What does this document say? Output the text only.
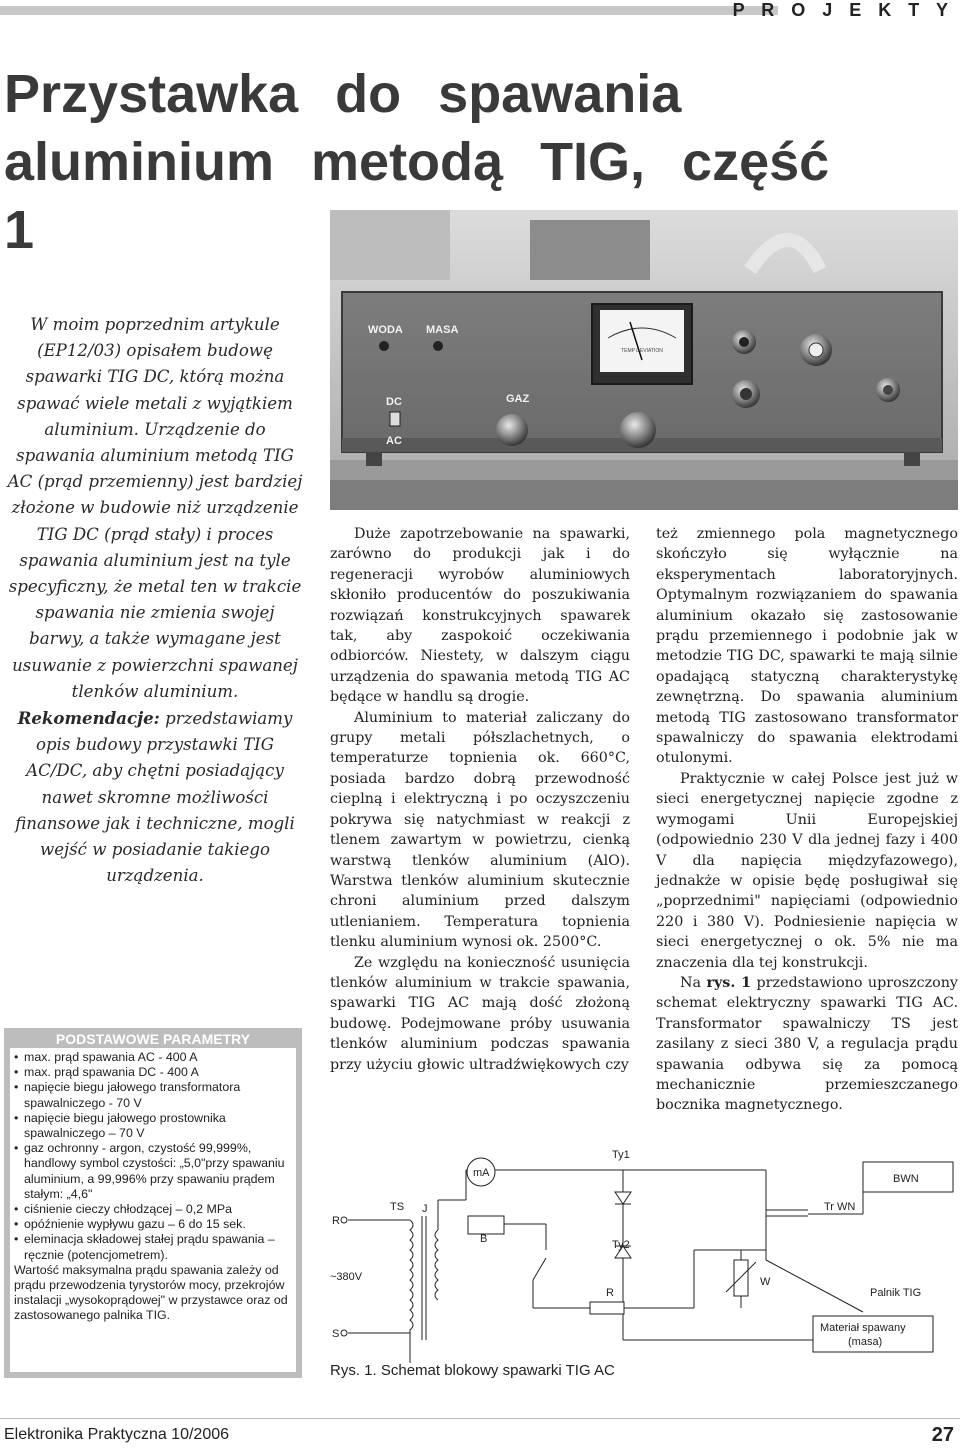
P R O J E K T Y
Przystawka do spawania aluminium metodą TIG, część 1

W moim poprzednim artykule (EP12/03) opisałem budowę spawarki TIG DC, którą można spawać wiele metali z wyjątkiem aluminium. Urządzenie do spawania aluminium metodą TIG AC (prąd przemienny) jest bardziej złożone w budowie niż urządzenie TIG DC (prąd stały) i proces spawania aluminium jest na tyle specyficzny, że metal ten w trakcie spawania nie zmienia swojej barwy, a także wymagane jest usuwanie z powierzchni spawanej tlenków aluminium.
Rekomendacje: przedstawiamy opis budowy przystawki TIG AC/DC, aby chętni posiadający nawet skromne możliwości finansowe jak i techniczne, mogli wejść w posiadanie takiego urządzenia.

WODA MASA
GAZ
DC
AC
TEMP DEVIATION

Duże zapotrzebowanie na spawarki, zarówno do produkcji jak i do regeneracji wyrobów aluminiowych skłoniło producentów do poszukiwania rozwiązań konstrukcyjnych spawarek tak, aby zaspokoić oczekiwania odbiorców. Niestety, w dalszym ciągu urządzenia do spawania metodą TIG AC będące w handlu są drogie.

Aluminium to materiał zaliczany do grupy metali półszlachetnych, o temperaturze topnienia ok. 660°C, posiada bardzo dobrą przewodność cieplną i elektryczną i po oczyszczeniu pokrywa się natychmiast w reakcji z tlenem zawartym w powietrzu, cienką warstwą tlenków aluminium (AlO). Warstwa tlenków aluminium skutecznie chroni aluminium przed dalszym utlenianiem. Temperatura topnienia tlenku aluminium wynosi ok. 2500°C.

Ze względu na konieczność usunięcia tlenków aluminium w trakcie spawania, spawarki TIG AC mają dość złożoną budowę. Podejmowane próby usuwania tlenków aluminium podczas spawania przy użyciu głowic ultradźwiękowych czy

też zmiennego pola magnetycznego skończyło się wyłącznie na eksperymentach laboratoryjnych. Optymalnym rozwiązaniem do spawania aluminium okazało się zastosowanie prądu przemiennego i podobnie jak w metodzie TIG DC, spawarki te mają silnie opadającą statyczną charakterystykę zewnętrzną. Do spawania aluminium metodą TIG zastosowano transformator spawalniczy do spawania elektrodami otulonymi.

Praktycznie w całej Polsce jest już w sieci energetycznej napięcie zgodne z wymogami Unii Europejskiej (odpowiednio 230 V dla jednej fazy i 400 V dla napięcia międzyfazowego), jednakże w opisie będę posługiwał się „poprzednimi" napięciami (odpowiednio 220 i 380 V). Podniesienie napięcia w sieci energetycznej o ok. 5% nie ma znaczenia dla tej konstrukcji.

Na rys. 1 przedstawiono uproszczony schemat elektryczny spawarki TIG AC. Transformator spawalniczy TS jest zasilany z sieci 380 V, a regulacja prądu spawania odbywa się za pomocą mechanicznie przemieszczanego bocznika magnetycznego.

PODSTAWOWE PARAMETRY
• max. prąd spawania AC - 400 A
• max. prąd spawania DC - 400 A
• napięcie biegu jałowego transformatora spawalniczego - 70 V
• napięcie biegu jałowego prostownika spawalniczego – 70 V
• gaz ochronny - argon, czystość 99,999%, handlowy symbol czystości: „5,0"przy spawaniu aluminium, a 99,996% przy spawaniu prądem stałym: „4,6"
• ciśnienie cieczy chłodzącej – 0,2 MPa
• opóźnienie wypływu gazu – 6 do 15 sek.
• eleminacja składowej stałej prądu spawania – ręcznie (potencjometrem).

Wartość maksymalna prądu spawania zależy od prądu przewodzenia tyrystorów mocy, przekrojów instalacji „wysokoprądowej" w przystawce oraz od zastosowanego palnika TIG.

R
S
~380V
TS J
mA
B
Ty1
Ty2
R
BWN
Tr WN
W
Palnik TIG
Materiał spawany
(masa)
Rys. 1. Schemat blokowy spawarki TIG AC
Elektronika Praktyczna 10/2006	27
